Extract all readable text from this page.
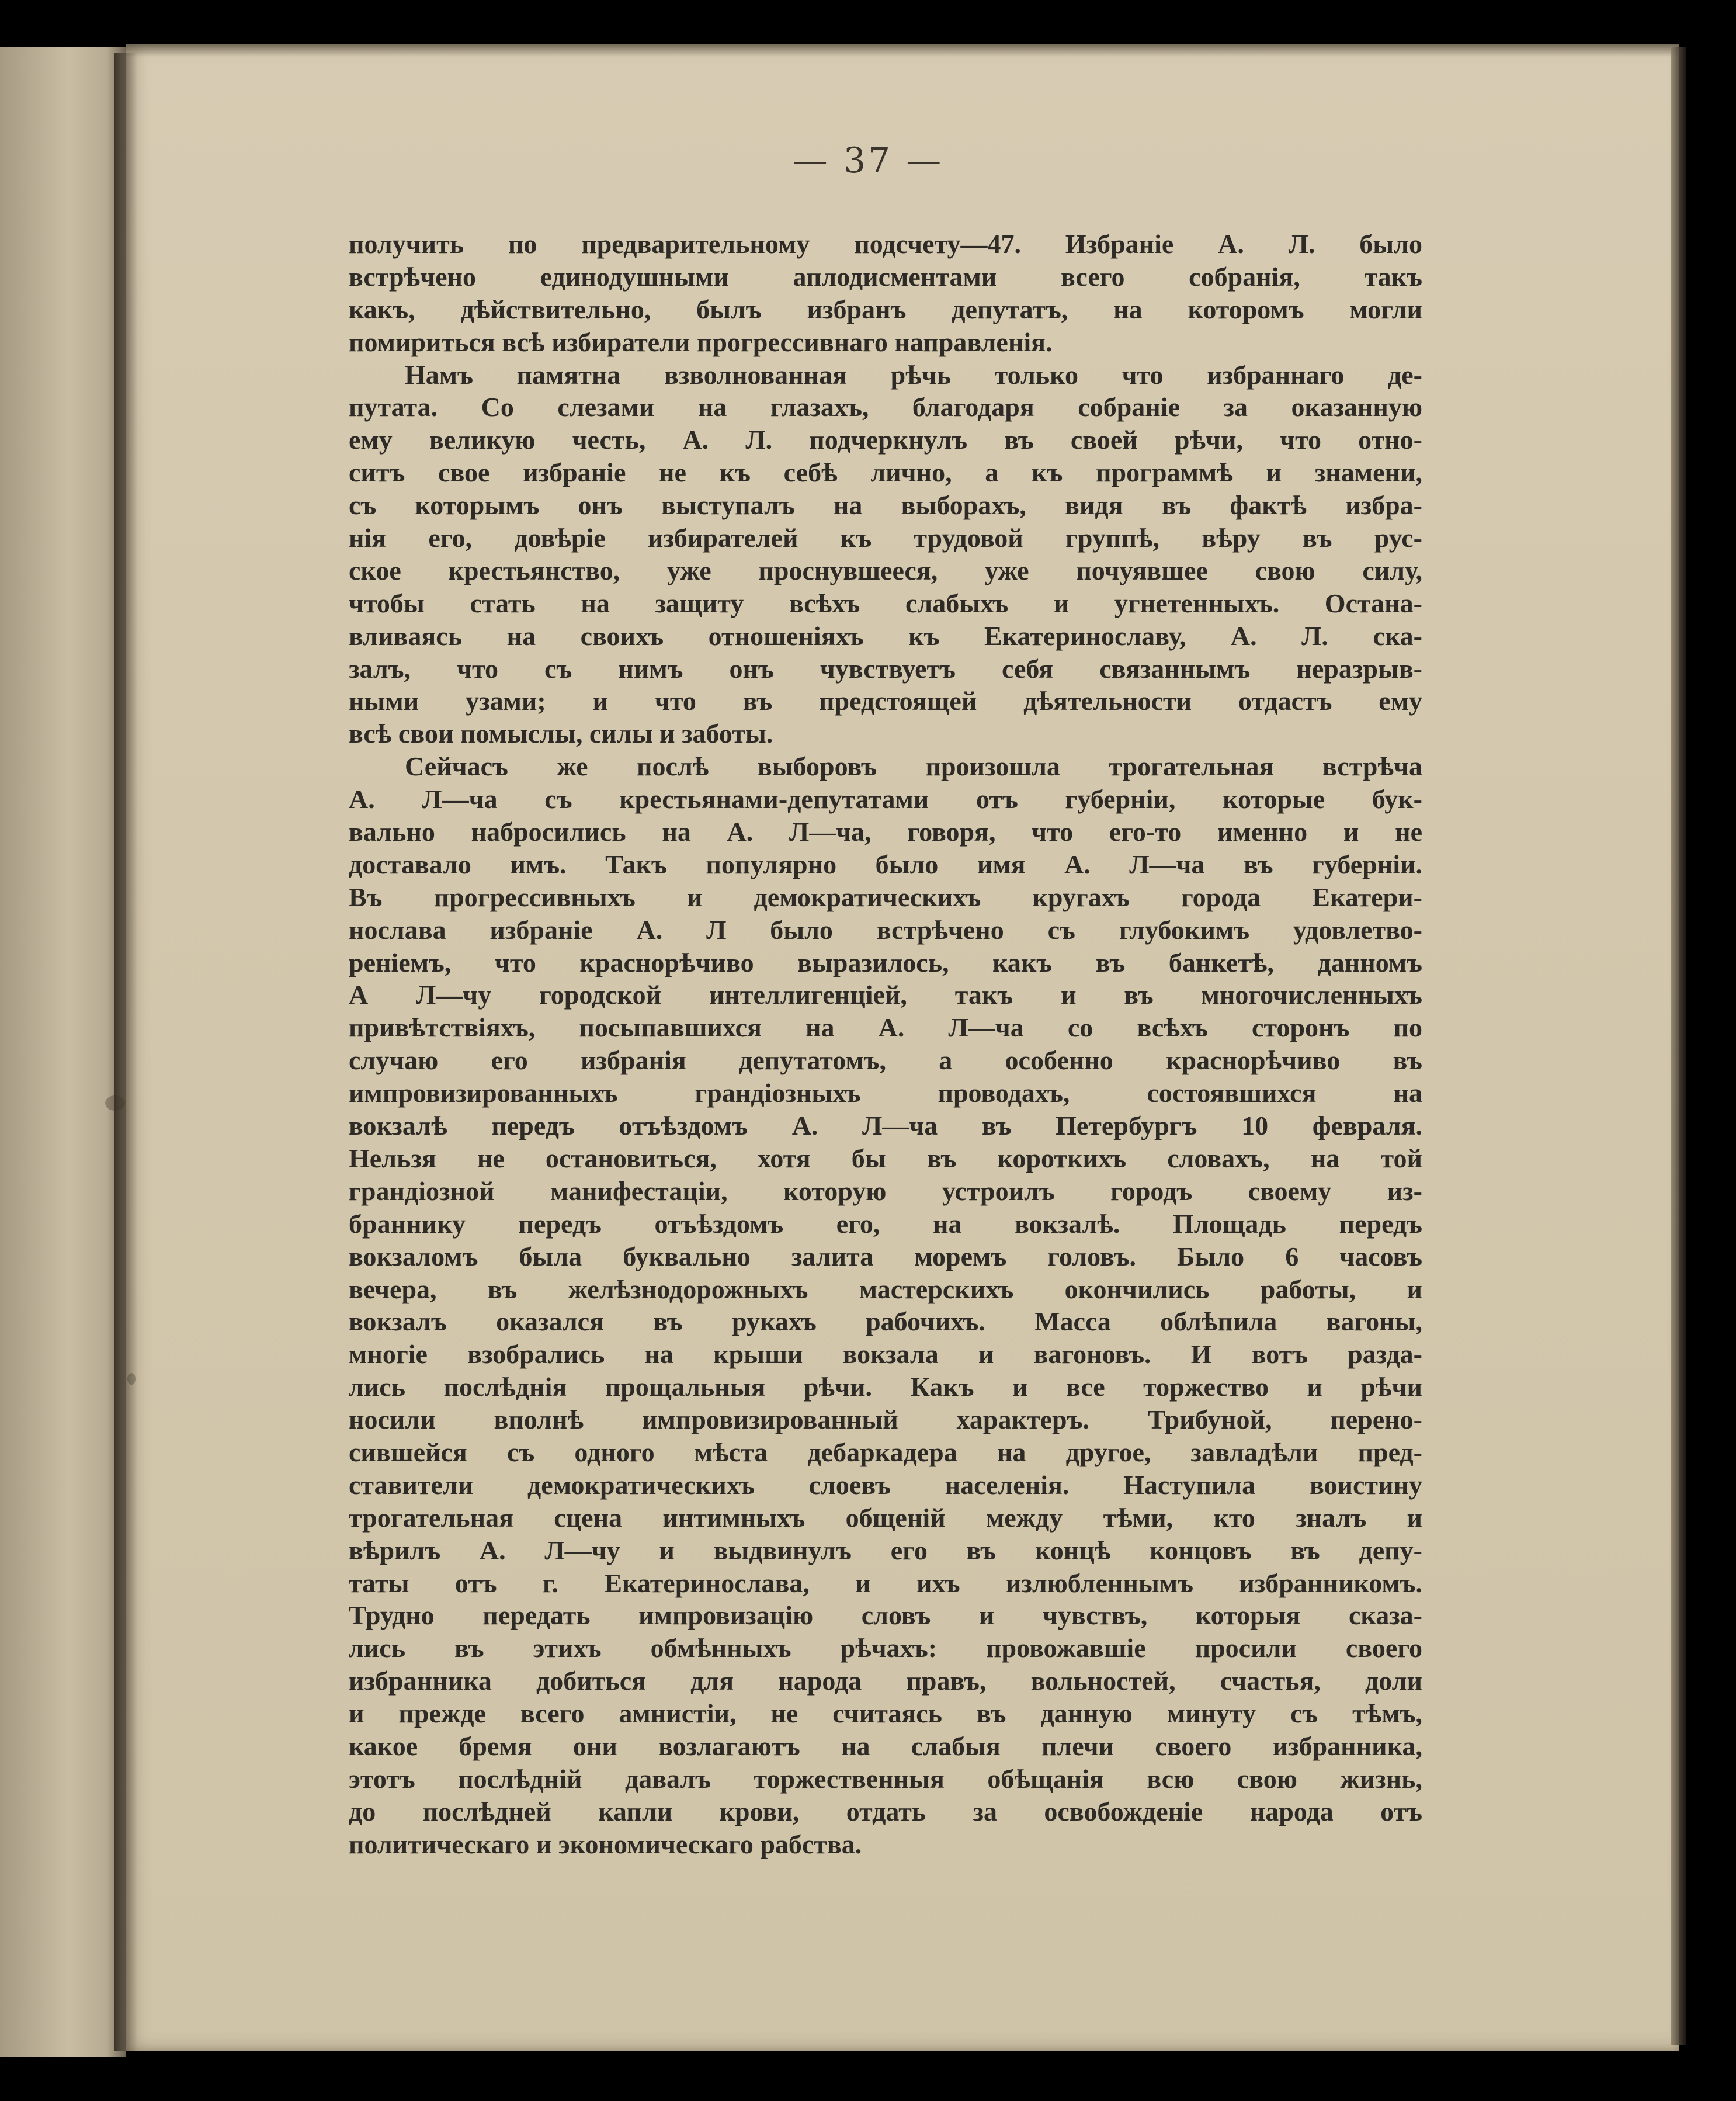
— 37 —
получить по предварительному подсчету—47. Избраніе А. Л. было
встрѣчено единодушными аплодисментами всего собранія, такъ
какъ, дѣйствительно, былъ избранъ депутатъ, на которомъ могли
помириться всѣ избиратели прогрессивнаго направленія.
Намъ памятна взволнованная рѣчь только что избраннаго де-
путата. Со слезами на глазахъ, благодаря собраніе за оказанную
ему великую честь, А. Л. подчеркнулъ въ своей рѣчи, что отно-
ситъ свое избраніе не къ себѣ лично, а къ программѣ и знамени,
съ которымъ онъ выступалъ на выборахъ, видя въ фактѣ избра-
нія его, довѣріе избирателей къ трудовой группѣ, вѣру въ рус-
ское крестьянство, уже проснувшееся, уже почуявшее свою силу,
чтобы стать на защиту всѣхъ слабыхъ и угнетенныхъ. Остана-
вливаясь на своихъ отношеніяхъ къ Екатеринославу, А. Л. ска-
залъ, что съ нимъ онъ чувствуетъ себя связаннымъ неразрыв-
ными узами; и что въ предстоящей дѣятельности отдастъ ему
всѣ свои помыслы, силы и заботы.
Сейчасъ же послѣ выборовъ произошла трогательная встрѣча
А. Л—ча съ крестьянами-депутатами отъ губерніи, которые бук-
вально набросились на А. Л—ча, говоря, что его-то именно и не
доставало имъ. Такъ популярно было имя А. Л—ча въ губерніи.
Въ прогрессивныхъ и демократическихъ кругахъ города Екатери-
нослава избраніе А. Л было встрѣчено съ глубокимъ удовлетво-
реніемъ, что краснорѣчиво выразилось, какъ въ банкетѣ, данномъ
А Л—чу городской интеллигенціей, такъ и въ многочисленныхъ
привѣтствіяхъ, посыпавшихся на А. Л—ча со всѣхъ сторонъ по
случаю его избранія депутатомъ, а особенно краснорѣчиво въ
импровизированныхъ грандіозныхъ проводахъ, состоявшихся на
вокзалѣ передъ отъѣздомъ А. Л—ча въ Петербургъ 10 февраля.
Нельзя не остановиться, хотя бы въ короткихъ словахъ, на той
грандіозной манифестаціи, которую устроилъ городъ своему из-
браннику передъ отъѣздомъ его, на вокзалѣ. Площадь передъ
вокзаломъ была буквально залита моремъ головъ. Было 6 часовъ
вечера, въ желѣзнодорожныхъ мастерскихъ окончились работы, и
вокзалъ оказался въ рукахъ рабочихъ. Масса облѣпила вагоны,
многіе взобрались на крыши вокзала и вагоновъ. И вотъ разда-
лись послѣднія прощальныя рѣчи. Какъ и все торжество и рѣчи
носили вполнѣ импровизированный характеръ. Трибуной, перено-
сившейся съ одного мѣста дебаркадера на другое, завладѣли пред-
ставители демократическихъ слоевъ населенія. Наступила воистину
трогательная сцена интимныхъ общеній между тѣми, кто зналъ и
вѣрилъ А. Л—чу и выдвинулъ его въ концѣ концовъ въ депу-
таты отъ г. Екатеринослава, и ихъ излюбленнымъ избранникомъ.
Трудно передать импровизацію словъ и чувствъ, которыя сказа-
лись въ этихъ обмѣнныхъ рѣчахъ: провожавшіе просили своего
избранника добиться для народа правъ, вольностей, счастья, доли
и прежде всего амнистіи, не считаясь въ данную минуту съ тѣмъ,
какое бремя они возлагаютъ на слабыя плечи своего избранника,
этотъ послѣдній давалъ торжественныя обѣщанія всю свою жизнь,
до послѣдней капли крови, отдать за освобожденіе народа отъ
политическаго и экономическаго рабства.
